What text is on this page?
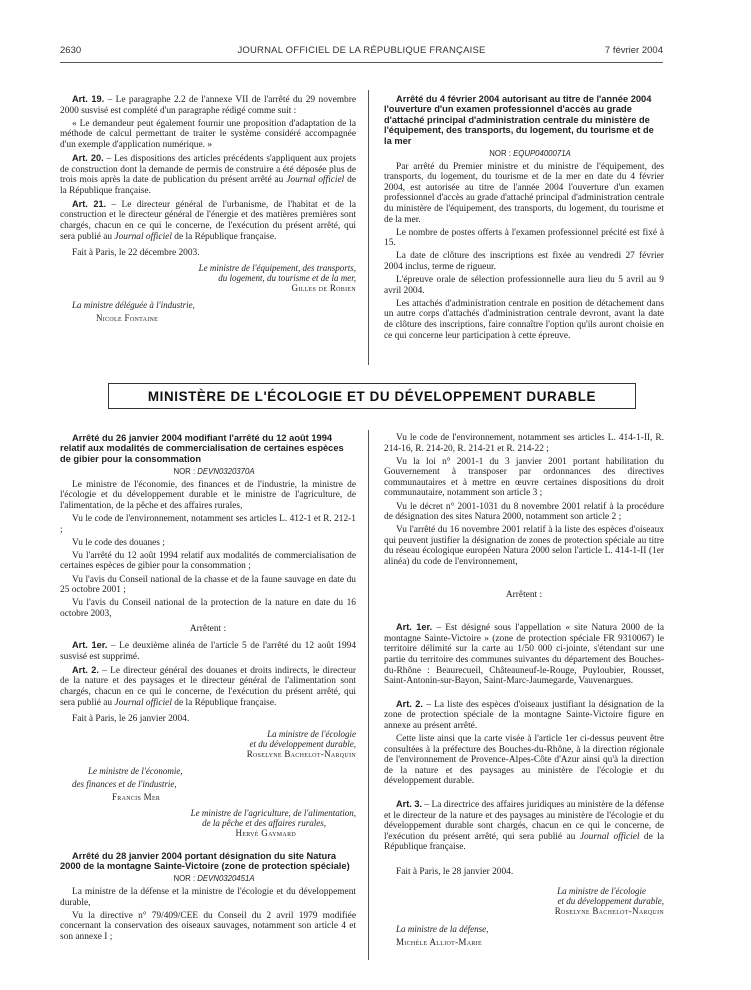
2630	JOURNAL OFFICIEL DE LA RÉPUBLIQUE FRANÇAISE	7 février 2004

Art. 19. – Le paragraphe 2.2 de l'annexe VII de l'arrêté du 29 novembre 2000 susvisé est complété d'un paragraphe rédigé comme suit :

« Le demandeur peut également fournir une proposition d'adaptation de la méthode de calcul permettant de traiter le système considéré accompagnée d'un exemple d'application numérique. »

Art. 20. – Les dispositions des articles précédents s'appliquent aux projets de construction dont la demande de permis de construire a été déposée plus de trois mois après la date de publication du présent arrêté au Journal officiel de la République française.

Art. 21. – Le directeur général de l'urbanisme, de l'habitat et de la construction et le directeur général de l'énergie et des matières premières sont chargés, chacun en ce qui le concerne, de l'exécution du présent arrêté, qui sera publié au Journal officiel de la République française.

Fait à Paris, le 22 décembre 2003.

Le ministre de l'équipement, des transports,

du logement, du tourisme et de la mer,

Gilles de Robien

La ministre déléguée à l'industrie,

Nicole Fontaine

Arrêté du 4 février 2004 autorisant au titre de l'année 2004 l'ouverture d'un examen professionnel d'accès au grade d'attaché principal d'administration centrale du ministère de l'équipement, des transports, du logement, du tourisme et de la mer

NOR : EQUP0400071A

Par arrêté du Premier ministre et du ministre de l'équipement, des transports, du logement, du tourisme et de la mer en date du 4 février 2004, est autorisée au titre de l'année 2004 l'ouverture d'un examen professionnel d'accès au grade d'attaché principal d'administration centrale du ministère de l'équipement, des transports, du logement, du tourisme et de la mer.

Le nombre de postes offerts à l'examen professionnel précité est fixé à 15.

La date de clôture des inscriptions est fixée au vendredi 27 février 2004 inclus, terme de rigueur.

L'épreuve orale de sélection professionnelle aura lieu du 5 avril au 9 avril 2004.

Les attachés d'administration centrale en position de détachement dans un autre corps d'attachés d'administration centrale devront, avant la date de clôture des inscriptions, faire connaître l'option qu'ils auront choisie en ce qui concerne leur participation à cette épreuve.

MINISTÈRE DE L'ÉCOLOGIE ET DU DÉVELOPPEMENT DURABLE

Arrêté du 26 janvier 2004 modifiant l'arrêté du 12 août 1994 relatif aux modalités de commercialisation de certaines espèces de gibier pour la consommation

NOR : DEVN0320370A

Le ministre de l'économie, des finances et de l'industrie, la ministre de l'écologie et du développement durable et le ministre de l'agriculture, de l'alimentation, de la pêche et des affaires rurales,

Vu le code de l'environnement, notamment ses articles L. 412-1 et R. 212-1 ;

Vu le code des douanes ;

Vu l'arrêté du 12 août 1994 relatif aux modalités de commercialisation de certaines espèces de gibier pour la consommation ;

Vu l'avis du Conseil national de la chasse et de la faune sauvage en date du 25 octobre 2001 ;

Vu l'avis du Conseil national de la protection de la nature en date du 16 octobre 2003,

Arrêtent :

Art. 1er. – Le deuxième alinéa de l'article 5 de l'arrêté du 12 août 1994 susvisé est supprimé.

Art. 2. – Le directeur général des douanes et droits indirects, le directeur de la nature et des paysages et le directeur général de l'alimentation sont chargés, chacun en ce qui le concerne, de l'exécution du présent arrêté, qui sera publié au Journal officiel de la République française.

Fait à Paris, le 26 janvier 2004.

La ministre de l'écologie

et du développement durable,

Roselyne Bachelot-Narquin

Le ministre de l'économie,

des finances et de l'industrie,

Francis Mer

Le ministre de l'agriculture, de l'alimentation,

de la pêche et des affaires rurales,

Hervé Gaymard

Arrêté du 28 janvier 2004 portant désignation du site Natura 2000 de la montagne Sainte-Victoire (zone de protection spéciale)

NOR : DEVN0320451A

La ministre de la défense et la ministre de l'écologie et du développement durable,

Vu la directive n° 79/409/CEE du Conseil du 2 avril 1979 modifiée concernant la conservation des oiseaux sauvages, notamment son article 4 et son annexe I ;

Vu le code de l'environnement, notamment ses articles L. 414-1-II, R. 214-16, R. 214-20, R. 214-21 et R. 214-22 ;

Vu la loi n° 2001-1 du 3 janvier 2001 portant habilitation du Gouvernement à transposer par ordonnances des directives communautaires et à mettre en œuvre certaines dispositions du droit communautaire, notamment son article 3 ;

Vu le décret n° 2001-1031 du 8 novembre 2001 relatif à la procédure de désignation des sites Natura 2000, notamment son article 2 ;

Vu l'arrêté du 16 novembre 2001 relatif à la liste des espèces d'oiseaux qui peuvent justifier la désignation de zones de protection spéciale au titre du réseau écologique européen Natura 2000 selon l'article L. 414-1-II (1er alinéa) du code de l'environnement,

Arrêtent :

Art. 1er. – Est désigné sous l'appellation « site Natura 2000 de la montagne Sainte-Victoire » (zone de protection spéciale FR 9310067) le territoire délimité sur la carte au 1/50 000 ci-jointe, s'étendant sur une partie du territoire des communes suivantes du département des Bouches-du-Rhône : Beaurecueil, Châteauneuf-le-Rouge, Puyloubier, Rousset, Saint-Antonin-sur-Bayon, Saint-Marc-Jaumegarde, Vauvenargues.

Art. 2. – La liste des espèces d'oiseaux justifiant la désignation de la zone de protection spéciale de la montagne Sainte-Victoire figure en annexe au présent arrêté.

Cette liste ainsi que la carte visée à l'article 1er ci-dessus peuvent être consultées à la préfecture des Bouches-du-Rhône, à la direction régionale de l'environnement de Provence-Alpes-Côte d'Azur ainsi qu'à la direction de la nature et des paysages au ministère de l'écologie et du développement durable.

Art. 3. – La directrice des affaires juridiques au ministère de la défense et le directeur de la nature et des paysages au ministère de l'écologie et du développement durable sont chargés, chacun en ce qui le concerne, de l'exécution du présent arrêté, qui sera publié au Journal officiel de la République française.

Fait à Paris, le 28 janvier 2004.

La ministre de l'écologie

et du développement durable,

Roselyne Bachelot-Narquin

La ministre de la défense,

Michèle Alliot-Marie
